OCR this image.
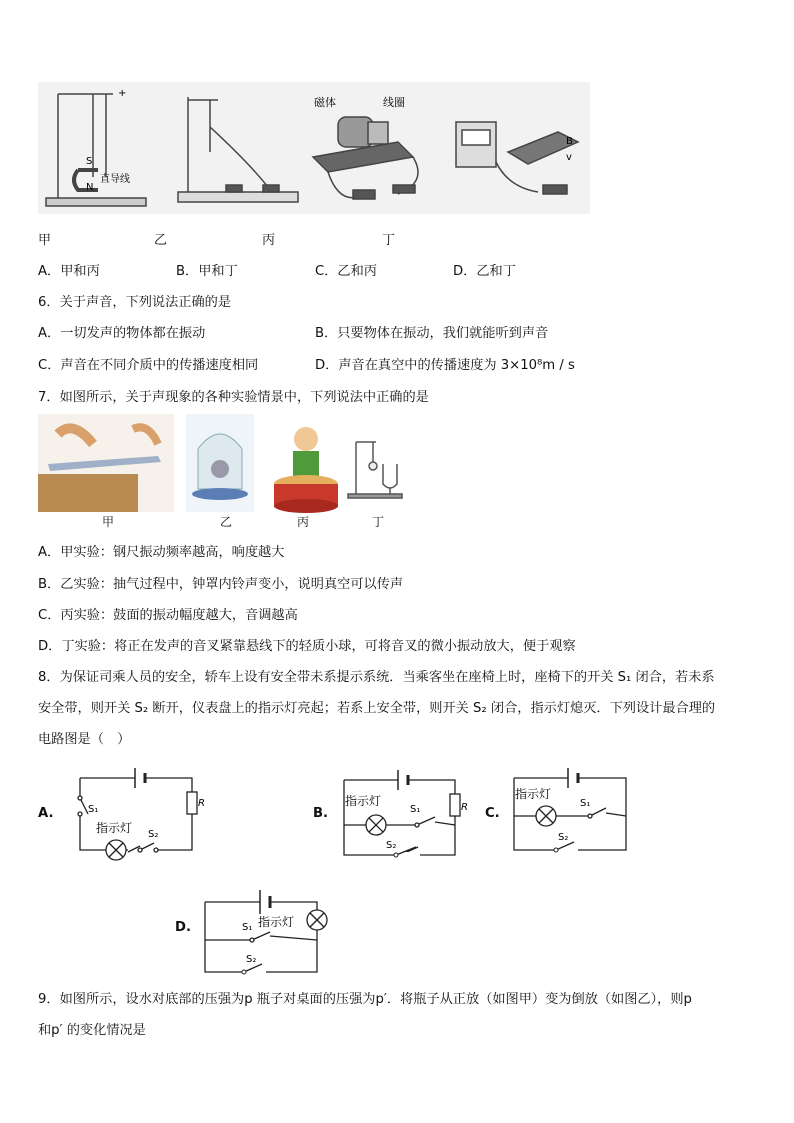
S
N
直导线
+
磁体	线圈
B
v
甲	乙	丙	丁
A．甲和丙	B．甲和丁	C．乙和丙	D．乙和丁
6．关于声音，下列说法正确的是
A．一切发声的物体都在振动	B．只要物体在振动，我们就能听到声音
C．声音在不同介质中的传播速度相同	D．声音在真空中的传播速度为 3×10⁸m / s
7．如图所示，关于声现象的各种实验情景中，下列说法中正确的是
甲	乙	丙	丁
A．甲实验：钢尺振动频率越高，响度越大
B．乙实验：抽气过程中，钟罩内铃声变小，说明真空可以传声
C．丙实验：鼓面的振动幅度越大，音调越高
D．丁实验：将正在发声的音叉紧靠悬线下的轻质小球，可将音叉的微小振动放大，便于观察
8．为保证司乘人员的安全，轿车上设有安全带未系提示系统．当乘客坐在座椅上时，座椅下的开关 S₁ 闭合，若未系
安全带，则开关 S₂ 断开，仪表盘上的指示灯亮起；若系上安全带，则开关 S₂ 闭合，指示灯熄灭．下列设计最合理的
电路图是（　）
A.	S₁
指示灯 S₂
R
B.
指示灯
S₁
S₂
R C.
指示灯
S₁
S₂
D.	S₁ 指示灯
S₂
9．如图所示，设水对底部的压强为p 瓶子对桌面的压强为p′．将瓶子从正放（如图甲）变为倒放（如图乙），则p
和p′ 的变化情况是
